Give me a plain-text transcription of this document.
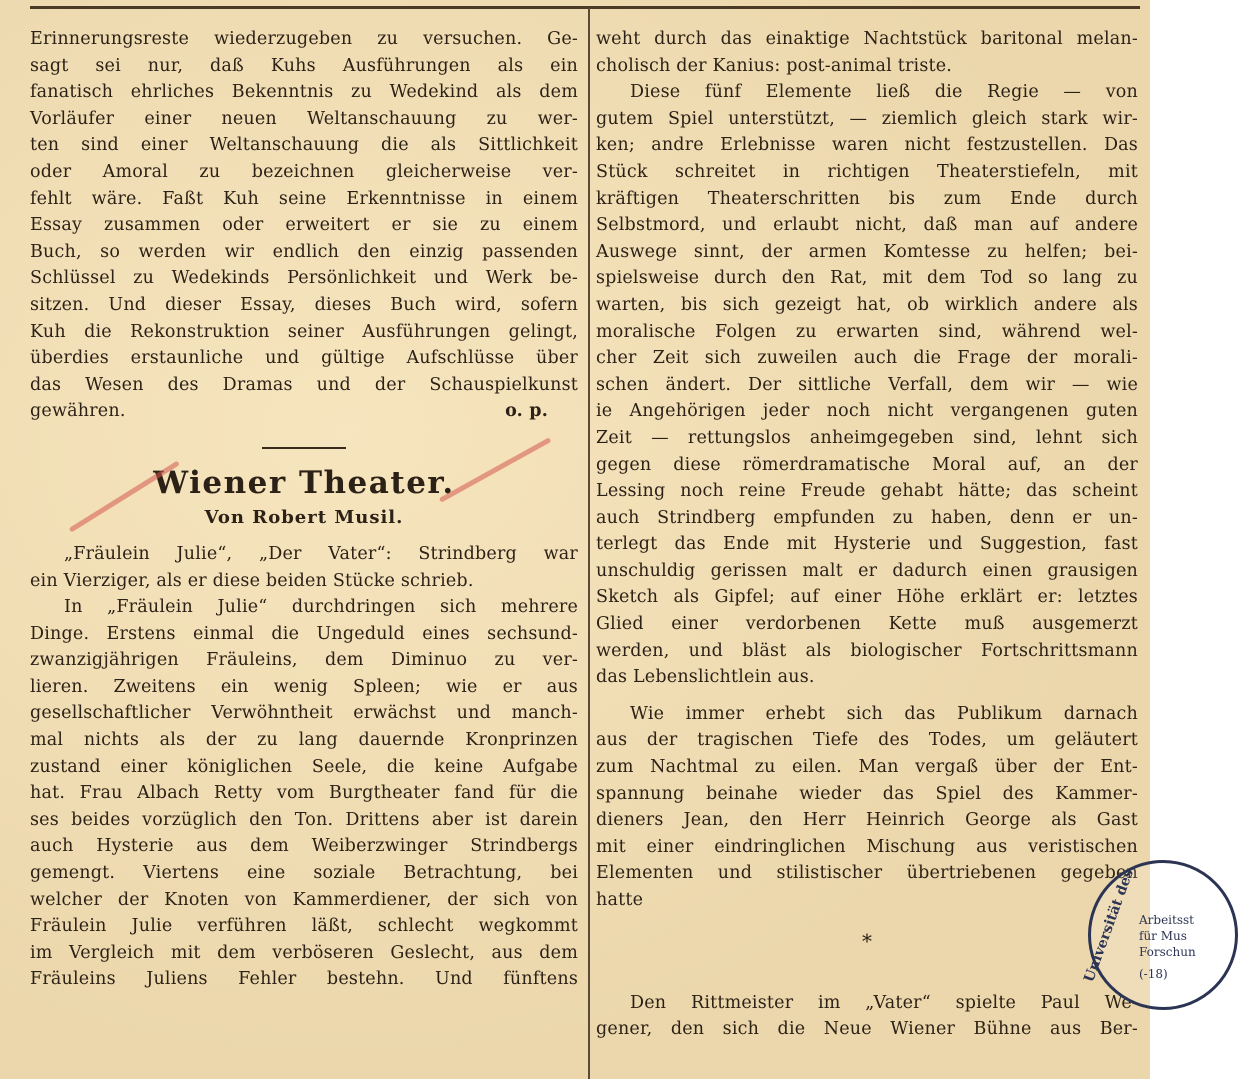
Erinnerungsreste wiederzugeben zu versuchen. Ge-
sagt sei nur, daß Kuhs Ausführungen als ein
fanatisch ehrliches Bekenntnis zu Wedekind als dem
Vorläufer einer neuen Weltanschauung zu wer-
ten sind einer Weltanschauung die als Sittlichkeit
oder Amoral zu bezeichnen gleicherweise ver-
fehlt wäre. Faßt Kuh seine Erkenntnisse in einem
Essay zusammen oder erweitert er sie zu einem
Buch, so werden wir endlich den einzig passenden
Schlüssel zu Wedekinds Persönlichkeit und Werk be-
sitzen. Und dieser Essay, dieses Buch wird, sofern
Kuh die Rekonstruktion seiner Ausführungen gelingt,
überdies erstaunliche und gültige Aufschlüsse über
das Wesen des Dramas und der Schauspielkunst
gewähren.	o. p.
Wiener Theater.
Von Robert Musil.
„Fräulein Julie“, „Der Vater“: Strindberg war
ein Vierziger, als er diese beiden Stücke schrieb.
In „Fräulein Julie“ durchdringen sich mehrere
Dinge. Erstens einmal die Ungeduld eines sechsund-
zwanzigjährigen Fräuleins, dem Diminuo zu ver-
lieren. Zweitens ein wenig Spleen; wie er aus
gesellschaftlicher Verwöhntheit erwächst und manch-
mal nichts als der zu lang dauernde Kronprinzen
zustand einer königlichen Seele, die keine Aufgabe
hat. Frau Albach Retty vom Burgtheater fand für die
ses beides vorzüglich den Ton. Drittens aber ist darein
auch Hysterie aus dem Weiberzwinger Strindbergs
gemengt. Viertens eine soziale Betrachtung, bei
welcher der Knoten von Kammerdiener, der sich von
Fräulein Julie verführen läßt, schlecht wegkommt
im Vergleich mit dem verböseren Geslecht, aus dem
Fräuleins Juliens Fehler bestehn. Und fünftens
weht durch das einaktige Nachtstück baritonal melan-
cholisch der Kanius: post-animal triste.
Diese fünf Elemente ließ die Regie — von
gutem Spiel unterstützt, — ziemlich gleich stark wir-
ken; andre Erlebnisse waren nicht festzustellen. Das
Stück schreitet in richtigen Theaterstiefeln, mit
kräftigen Theaterschritten bis zum Ende durch
Selbstmord, und erlaubt nicht, daß man auf andere
Auswege sinnt, der armen Komtesse zu helfen; bei-
spielsweise durch den Rat, mit dem Tod so lang zu
warten, bis sich gezeigt hat, ob wirklich andere als
moralische Folgen zu erwarten sind, während wel-
cher Zeit sich zuweilen auch die Frage der morali-
schen ändert. Der sittliche Verfall, dem wir — wie
ie Angehörigen jeder noch nicht vergangenen guten
Zeit — rettungslos anheimgegeben sind, lehnt sich
gegen diese römerdramatische Moral auf, an der
Lessing noch reine Freude gehabt hätte; das scheint
auch Strindberg empfunden zu haben, denn er un-
terlegt das Ende mit Hysterie und Suggestion, fast
unschuldig gerissen malt er dadurch einen grausigen
Sketch als Gipfel; auf einer Höhe erklärt er: letztes
Glied einer verdorbenen Kette muß ausgemerzt
werden, und bläst als biologischer Fortschrittsmann
das Lebenslichtlein aus.
Wie immer erhebt sich das Publikum darnach
aus der tragischen Tiefe des Todes, um geläutert
zum Nachtmal zu eilen. Man vergaß über der Ent-
spannung beinahe wieder das Spiel des Kammer-
dieners Jean, den Herr Heinrich George als Gast
mit einer eindringlichen Mischung aus veristischen
Elementen und stilistischer übertriebenen gegeben
hatte
*
Den Rittmeister im „Vater“ spielte Paul We-
gener, den sich die Neue Wiener Bühne aus Ber-
Universität des Arbeitsst
für Mus
Forschun
(-18)
